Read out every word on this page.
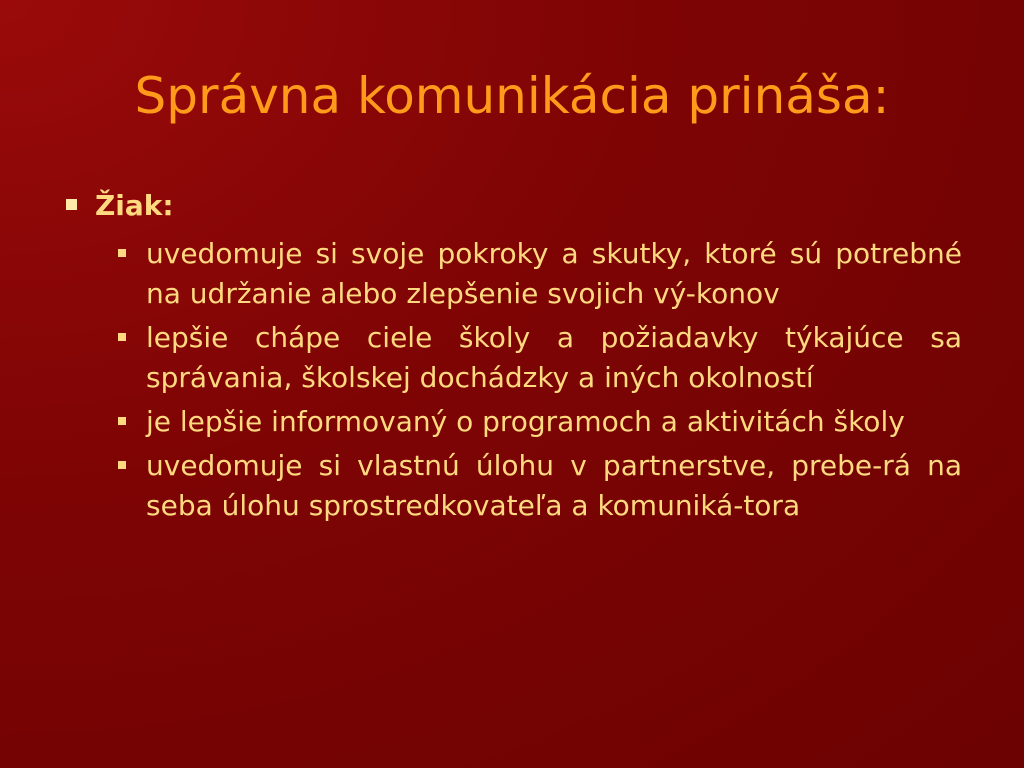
Správna komunikácia prináša:
Žiak:
uvedomuje si svoje pokroky a skutky, ktoré sú potrebné na udržanie alebo zlepšenie svojich vý-konov
lepšie chápe ciele školy a požiadavky týkajúce sa správania, školskej dochádzky a iných okolností
je lepšie informovaný o programoch a aktivitách školy
uvedomuje si vlastnú úlohu v partnerstve, prebe-rá na seba úlohu sprostredkovateľa a komuniká-tora
